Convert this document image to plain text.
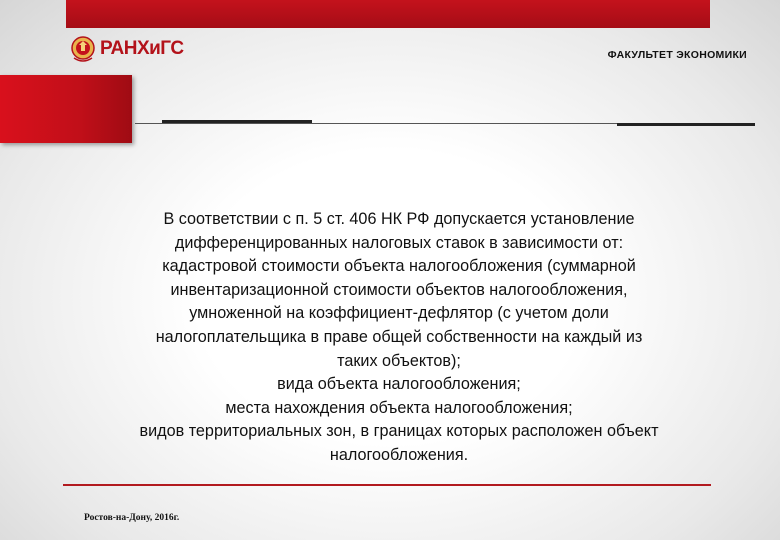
РАНХиГС	ФАКУЛЬТЕТ ЭКОНОМИКИ
В соответствии с п. 5 ст. 406 НК РФ допускается установление
дифференцированных налоговых ставок в зависимости от:
кадастровой стоимости объекта налогообложения (суммарной
инвентаризационной стоимости объектов налогообложения,
умноженной на коэффициент-дефлятор (с учетом доли
налогоплательщика в праве общей собственности на каждый из
таких объектов);
вида объекта налогообложения;
места нахождения объекта налогообложения;
видов территориальных зон, в границах которых расположен объект
налогообложения.
Ростов-на-Дону, 2016г.
